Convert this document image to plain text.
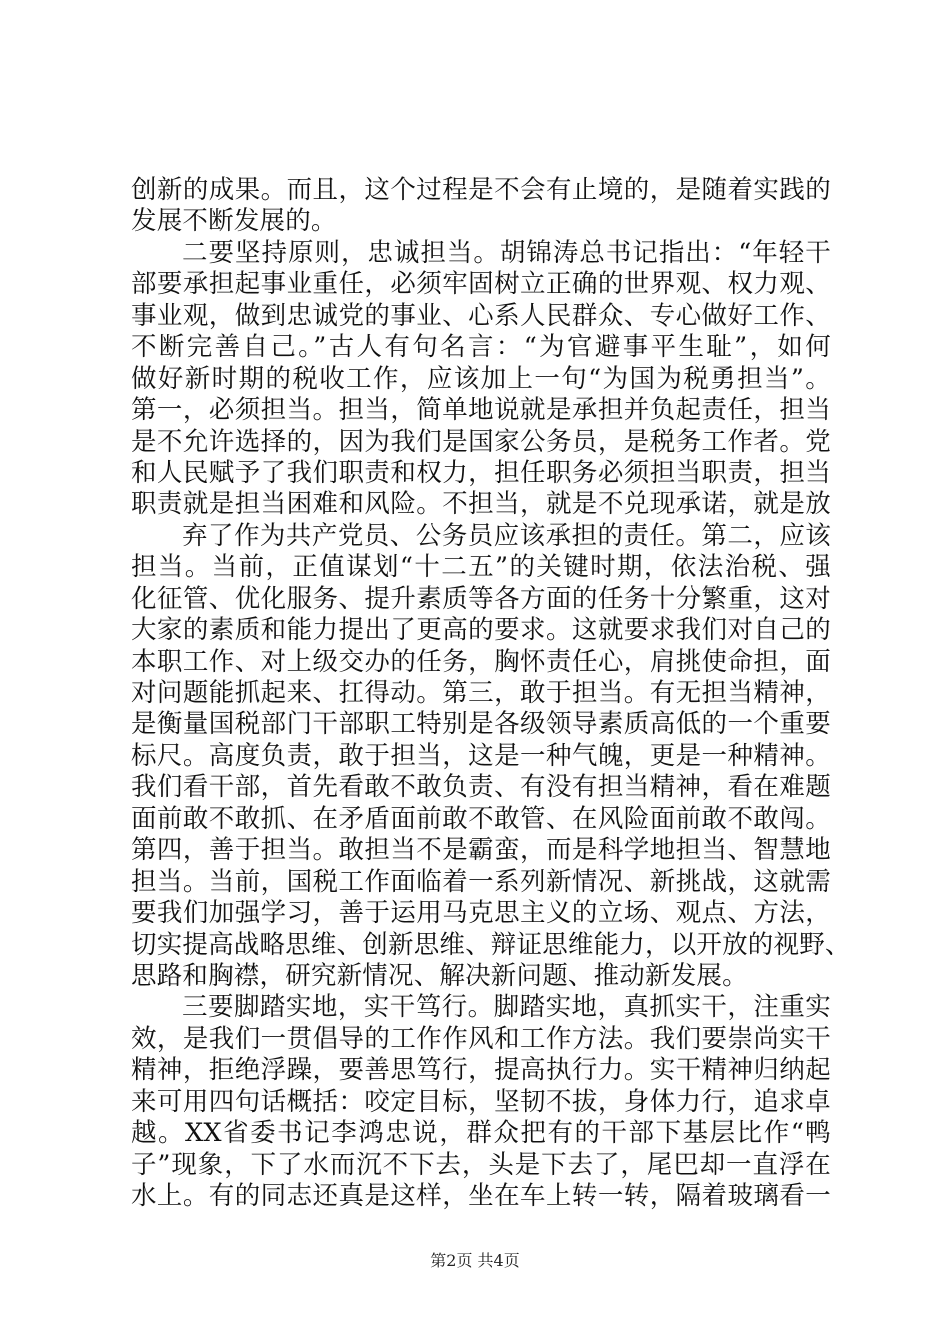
创新的成果。而且，这个过程是不会有止境的，是随着实践的
发展不断发展的。
二要坚持原则，忠诚担当。胡锦涛总书记指出：“年轻干
部要承担起事业重任，必须牢固树立正确的世界观、权力观、
事业观，做到忠诚党的事业、心系人民群众、专心做好工作、
不断完善自己。”古人有句名言：“为官避事平生耻”，如何
做好新时期的税收工作，应该加上一句“为国为税勇担当”。
第一，必须担当。担当，简单地说就是承担并负起责任，担当
是不允许选择的，因为我们是国家公务员，是税务工作者。党
和人民赋予了我们职责和权力，担任职务必须担当职责，担当
职责就是担当困难和风险。不担当，就是不兑现承诺，就是放
弃了作为共产党员、公务员应该承担的责任。第二，应该
担当。当前，正值谋划“十二五”的关键时期，依法治税、强
化征管、优化服务、提升素质等各方面的任务十分繁重，这对
大家的素质和能力提出了更高的要求。这就要求我们对自己的
本职工作、对上级交办的任务，胸怀责任心，肩挑使命担，面
对问题能抓起来、扛得动。第三，敢于担当。有无担当精神，
是衡量国税部门干部职工特别是各级领导素质高低的一个重要
标尺。高度负责，敢于担当，这是一种气魄，更是一种精神。
我们看干部，首先看敢不敢负责、有没有担当精神，看在难题
面前敢不敢抓、在矛盾面前敢不敢管、在风险面前敢不敢闯。
第四，善于担当。敢担当不是霸蛮，而是科学地担当、智慧地
担当。当前，国税工作面临着一系列新情况、新挑战，这就需
要我们加强学习，善于运用马克思主义的立场、观点、方法，
切实提高战略思维、创新思维、辩证思维能力，以开放的视野、
思路和胸襟，研究新情况、解决新问题、推动新发展。
三要脚踏实地，实干笃行。脚踏实地，真抓实干，注重实
效，是我们一贯倡导的工作作风和工作方法。我们要崇尚实干
精神，拒绝浮躁，要善思笃行，提高执行力。实干精神归纳起
来可用四句话概括：咬定目标，坚韧不拔，身体力行，追求卓
越。XX省委书记李鸿忠说，群众把有的干部下基层比作“鸭
子”现象，下了水而沉不下去，头是下去了，尾巴却一直浮在
水上。有的同志还真是这样，坐在车上转一转，隔着玻璃看一
第2页 共4页
